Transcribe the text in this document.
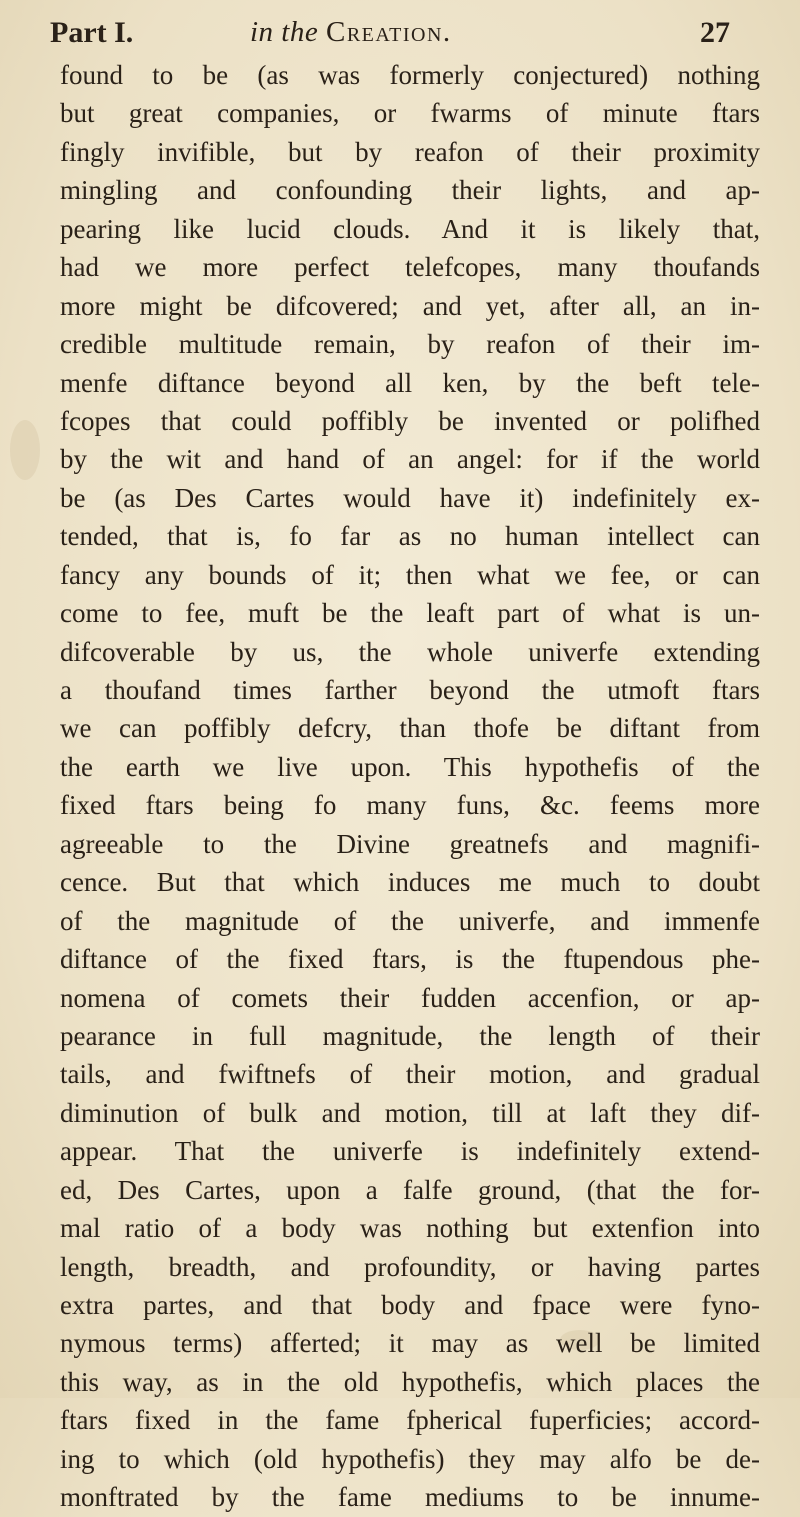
Part I.	in the Creation.	27
found to be (as was formerly conjectured) nothing
but great companies, or fwarms of minute ftars
fingly invifible, but by reafon of their proximity
mingling and confounding their lights, and ap-
pearing like lucid clouds. And it is likely that,
had we more perfect telefcopes, many thoufands
more might be difcovered; and yet, after all, an in-
credible multitude remain, by reafon of their im-
menfe diftance beyond all ken, by the beft tele-
fcopes that could poffibly be invented or polifhed
by the wit and hand of an angel: for if the world
be (as Des Cartes would have it) indefinitely ex-
tended, that is, fo far as no human intellect can
fancy any bounds of it; then what we fee, or can
come to fee, muft be the leaft part of what is un-
difcoverable by us, the whole univerfe extending
a thoufand times farther beyond the utmoft ftars
we can poffibly defcry, than thofe be diftant from
the earth we live upon. This hypothefis of the
fixed ftars being fo many funs, &c. feems more
agreeable to the Divine greatnefs and magnifi-
cence. But that which induces me much to doubt
of the magnitude of the univerfe, and immenfe
diftance of the fixed ftars, is the ftupendous phe-
nomena of comets their fudden accenfion, or ap-
pearance in full magnitude, the length of their
tails, and fwiftnefs of their motion, and gradual
diminution of bulk and motion, till at laft they dif-
appear. That the univerfe is indefinitely extend-
ed, Des Cartes, upon a falfe ground, (that the for-
mal ratio of a body was nothing but extenfion into
length, breadth, and profoundity, or having partes
extra partes, and that body and fpace were fyno-
nymous terms) afferted; it may as well be limited
this way, as in the old hypothefis, which places the
ftars fixed in the fame fpherical fuperficies; accord-
ing to which (old hypothefis) they may alfo be de-
monftrated by the fame mediums to be innume-
